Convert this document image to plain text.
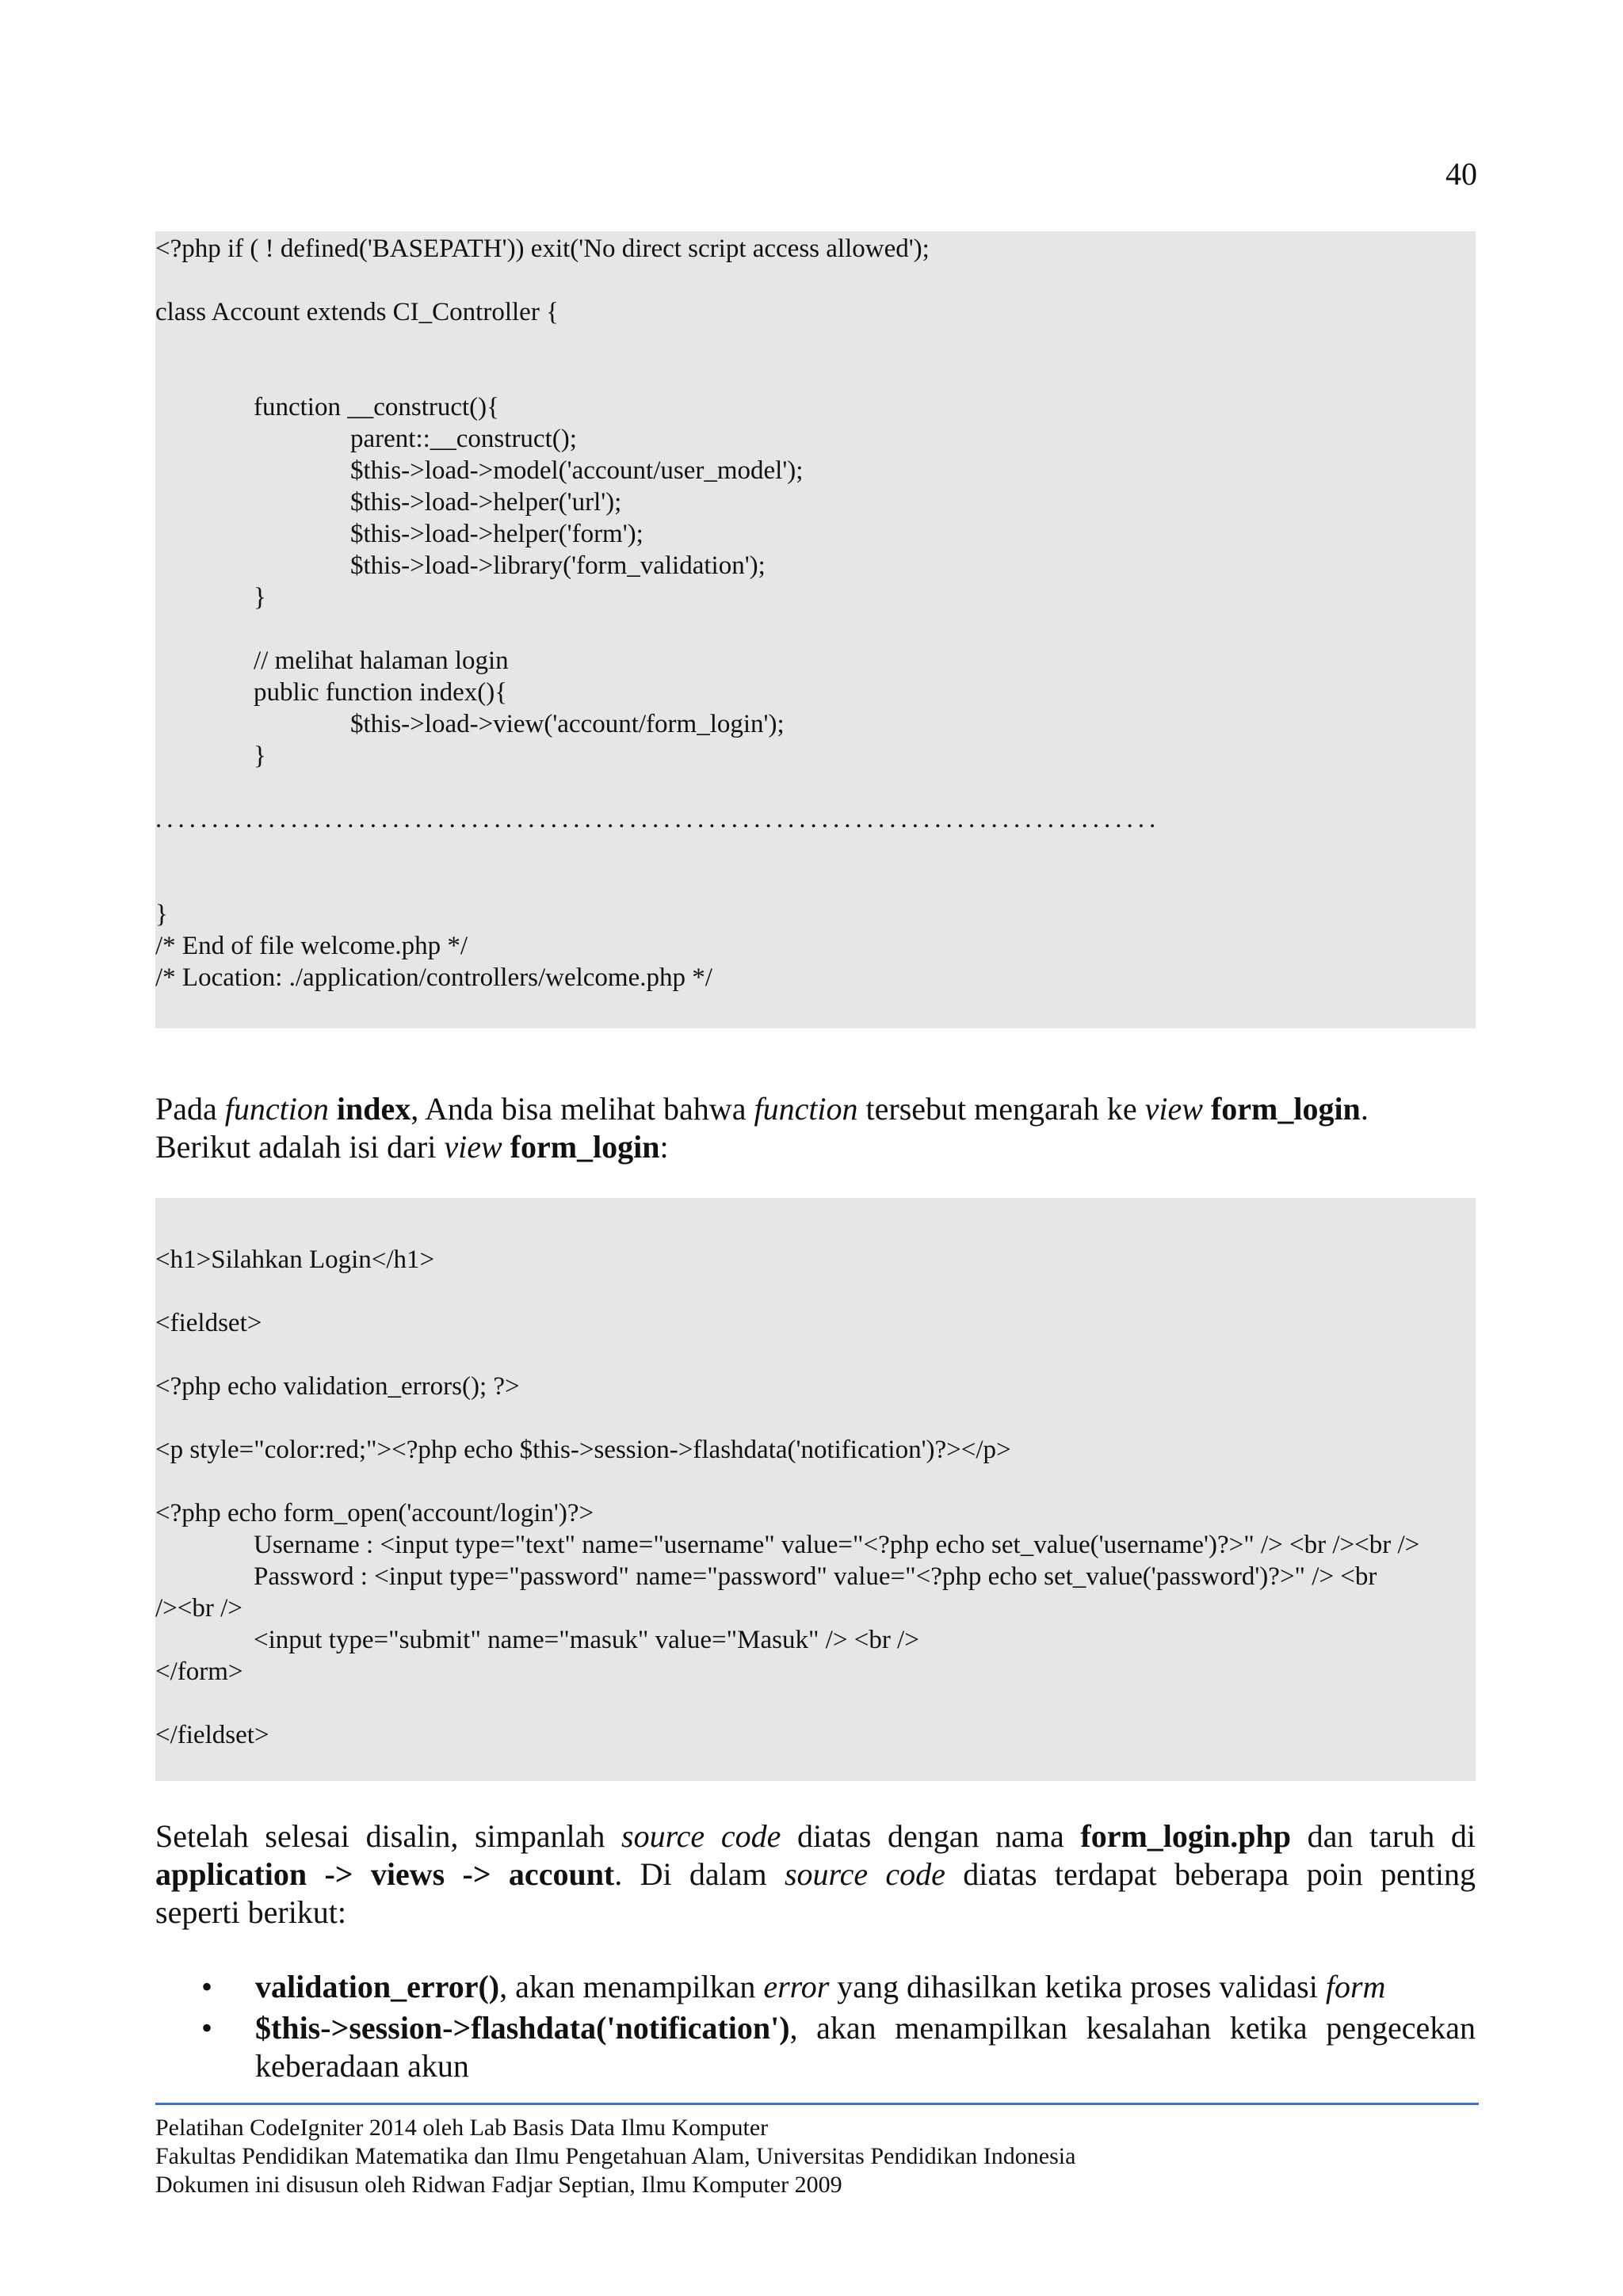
40
<?php if ( ! defined('BASEPATH')) exit('No direct script access allowed');
class Account extends CI_Controller {
function __construct(){
parent::__construct();
$this->load->model('account/user_model');
$this->load->helper('url');
$this->load->helper('form');
$this->load->library('form_validation');
}
// melihat halaman login
public function index(){
$this->load->view('account/form_login');
}
.........................................................................................
}
/* End of file welcome.php */
/* Location: ./application/controllers/welcome.php */
Pada function index, Anda bisa melihat bahwa function tersebut mengarah ke view form_login.
Berikut adalah isi dari view form_login:
<h1>Silahkan Login</h1>
<fieldset>
<?php echo validation_errors(); ?>
<p style="color:red;"><?php echo $this->session->flashdata('notification')?></p>
<?php echo form_open('account/login')?>
Username : <input type="text" name="username" value="<?php echo set_value('username')?>" /> <br /><br />
Password : <input type="password" name="password" value="<?php echo set_value('password')?>" /> <br
/><br />
<input type="submit" name="masuk" value="Masuk" /> <br />
</form>
</fieldset>
Setelah selesai disalin, simpanlah source code diatas dengan nama form_login.php dan taruh di
application -> views -> account. Di dalam source code diatas terdapat beberapa poin penting
seperti berikut:
• validation_error(), akan menampilkan error yang dihasilkan ketika proses validasi form
• $this->session->flashdata('notification'), akan menampilkan kesalahan ketika pengecekan keberadaan akun
Pelatihan CodeIgniter 2014 oleh Lab Basis Data Ilmu Komputer
Fakultas Pendidikan Matematika dan Ilmu Pengetahuan Alam, Universitas Pendidikan Indonesia
Dokumen ini disusun oleh Ridwan Fadjar Septian, Ilmu Komputer 2009
